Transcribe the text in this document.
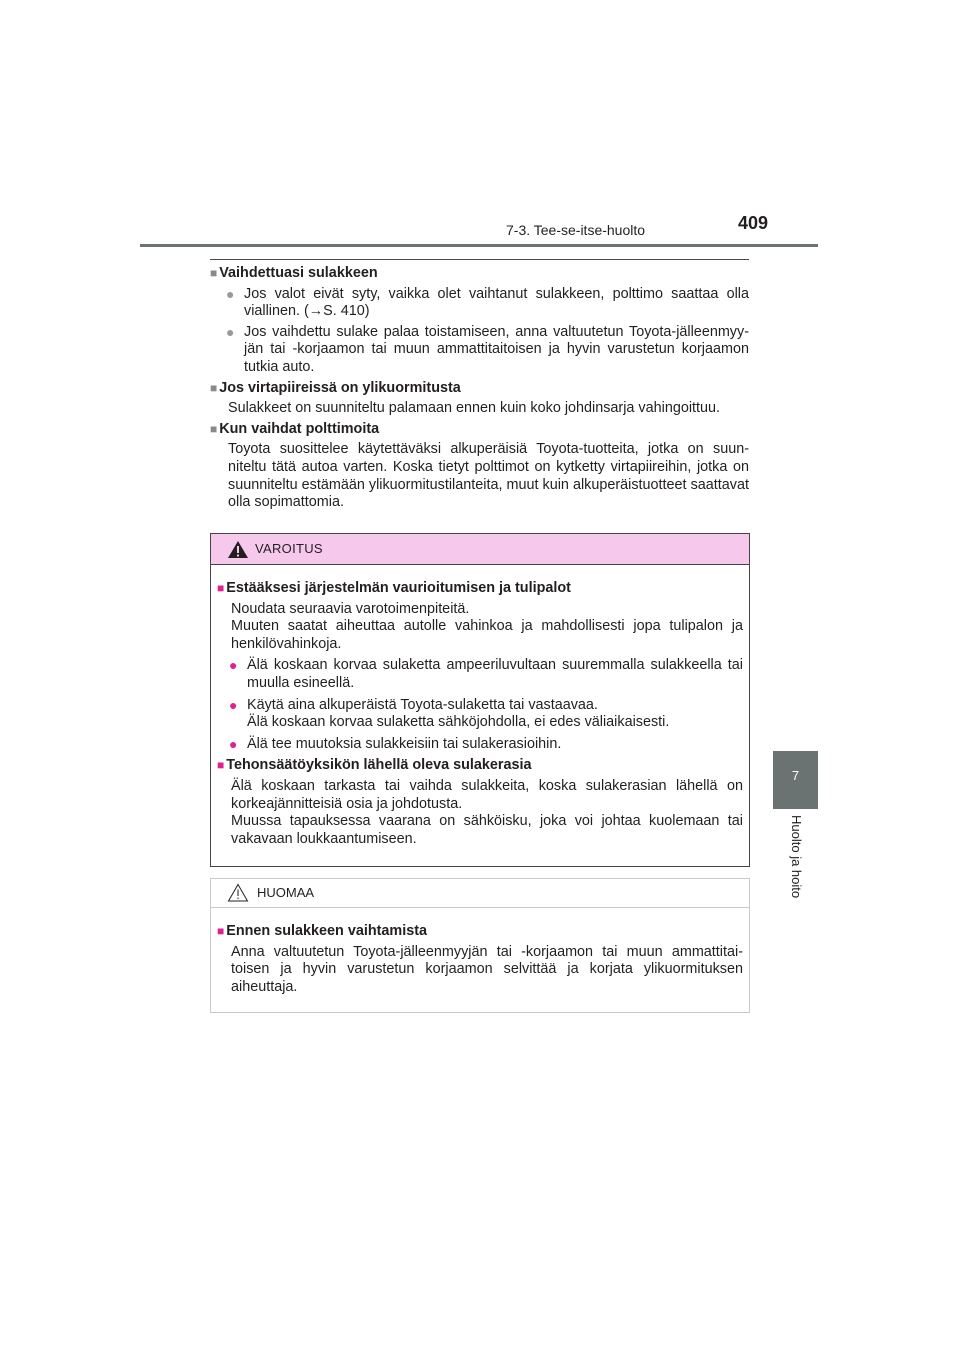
7-3. Tee-se-itse-huolto	409
7
Huolto ja hoito
■ Vaihdettuasi sulakkeen
● Jos valot eivät syty, vaikka olet vaihtanut sulakkeen, polttimo saattaa olla viallinen. (→S. 410)
● Jos vaihdettu sulake palaa toistamiseen, anna valtuutetun Toyota-jälleenmyy-jän tai -korjaamon tai muun ammattitaitoisen ja hyvin varustetun korjaamon tutkia auto.
■ Jos virtapiireissä on ylikuormitusta
Sulakkeet on suunniteltu palamaan ennen kuin koko johdinsarja vahingoittuu.
■ Kun vaihdat polttimoita
Toyota suosittelee käytettäväksi alkuperäisiä Toyota-tuotteita, jotka on suun-niteltu tätä autoa varten. Koska tietyt polttimot on kytketty virtapiireihin, jotka on suunniteltu estämään ylikuormitustilanteita, muut kuin alkuperäistuotteet saattavat olla sopimattomia.
VAROITUS
■ Estääksesi järjestelmän vaurioitumisen ja tulipalot
Noudata seuraavia varotoimenpiteitä.
Muuten saatat aiheuttaa autolle vahinkoa ja mahdollisesti jopa tulipalon ja henkilövahinkoja.
● Älä koskaan korvaa sulaketta ampeeriluvultaan suuremmalla sulakkeella tai muulla esineellä.
● Käytä aina alkuperäistä Toyota-sulaketta tai vastaavaa.
Älä koskaan korvaa sulaketta sähköjohdolla, ei edes väliaikaisesti.
● Älä tee muutoksia sulakkeisiin tai sulakerasioihin.
■ Tehonsäätöyksikön lähellä oleva sulakerasia
Älä koskaan tarkasta tai vaihda sulakkeita, koska sulakerasian lähellä on korkeajännitteisiä osia ja johdotusta.
Muussa tapauksessa vaarana on sähköisku, joka voi johtaa kuolemaan tai vakavaan loukkaantumiseen.
HUOMAA
■ Ennen sulakkeen vaihtamista
Anna valtuutetun Toyota-jälleenmyyjän tai -korjaamon tai muun ammattitai-toisen ja hyvin varustetun korjaamon selvittää ja korjata ylikuormituksen aiheuttaja.
